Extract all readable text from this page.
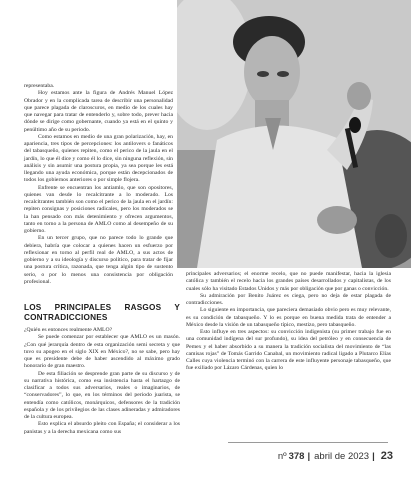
representaba.

Hoy estamos ante la figura de Andrés Manuel López Obrador y en la complicada tarea de describir una personalidad que parece plagada de claroscuros, en medio de los cuales hay que navegar para tratar de entenderlo y, sobre todo, prever hacia dónde se dirige como gobernante, cuando ya está en el quinto y penúltimo año de su periodo.

Como estamos en medio de una gran polarización, hay, en apariencia, tres tipos de percepciones: los antilovers o fanáticos del tabasqueño, quienes repiten, como el perico de la jaula en el jardín, lo que él dice y como él lo dice, sin ninguna reflexión, sin análisis y sin asumir una postura propia, ya sea porque les está llegando una ayuda económica, porque están decepcionados de todos los gobiernos anteriores o por simple flojera.

Enfrente se encuentran los antiamlo, que son opositores, quienes van desde lo recalcitrante a lo moderado. Los recalcitrantes también son como el perico de la jaula en el jardín: repiten consignas y posiciones radicales, pero los moderados se la han pensado con más detenimiento y ofrecen argumentos, tanto en torno a la persona de AMLO como al desempeño de su gobierno.

En un tercer grupo, que no parece todo lo grande que debiera, habría que colocar a quienes hacen un esfuerzo por reflexionar en torno al perfil real de AMLO, a sus actos de gobierno y a su ideología y discurso político, para tratar de fijar una postura crítica, razonada, que tenga algún tipo de sustento serio, o por lo menos una consistencia por obligación profesional.

LOS PRINCIPALES RASGOS Y CONTRADICCIONES

¿Quién es entonces realmente AMLO?

Se puede comenzar por establecer que AMLO es un masón. ¿Con qué jerarquía dentro de esta organización semi secreta y que tuvo su apogeo en el siglo XIX en México?, no se sabe, pero hay que es presidente debe de haber ascendido al máximo grado honorario de gran maestro.

De esta filiación se desprende gran parte de su discurso y de su narrativa histórica, como esa insistencia hasta el hartazgo de clasificar a todos sus adversarios, reales o imaginarios, de “conservadores”, lo que, en los términos del periodo juarista, se entendía como católicos, monárquicos, defensores de la tradición española y de los privilegios de las clases adineradas y admiradores de la cultura europea.

Esto explica el absurdo pleito con España; el considerar a los panistas y a la derecha mexicana como sus

principales adversarios; el enorme recelo, que no puede manifestar, hacia la iglesia católica y también el recelo hacia los grandes países desarrollados y capitalistas, de los cuales sólo ha visitado Estados Unidos y más por obligación que por ganas o convicción.

Su admiración por Benito Juárez es ciega, pero no deja de estar plagada de contradicciones.

Lo siguiente en importancia, que pareciera demasiado obvio pero es muy relevante, es su condición de tabasqueño. Y lo es porque en buena medida trata de entender a México desde la visión de un tabasqueño típico, mestizo, pero tabasqueño.

Esto influye en tres aspectos: su convicción indigenista (su primer trabajo fue en una comunidad indígena del sur profundo), su idea del petróleo y en consecuencia de Pemex y el haber absorbido a su manera la tradición socialista del movimiento de “las camisas rojas” de Tomás Garrido Canabal, un movimiento radical ligado a Plutarco Elías Calles cuya violencia terminó con la carrera de este influyente personaje tabasqueño, que fue exiliado por Lázaro Cárdenas, quien lo

nº 378 | abril de 2023 | 23
